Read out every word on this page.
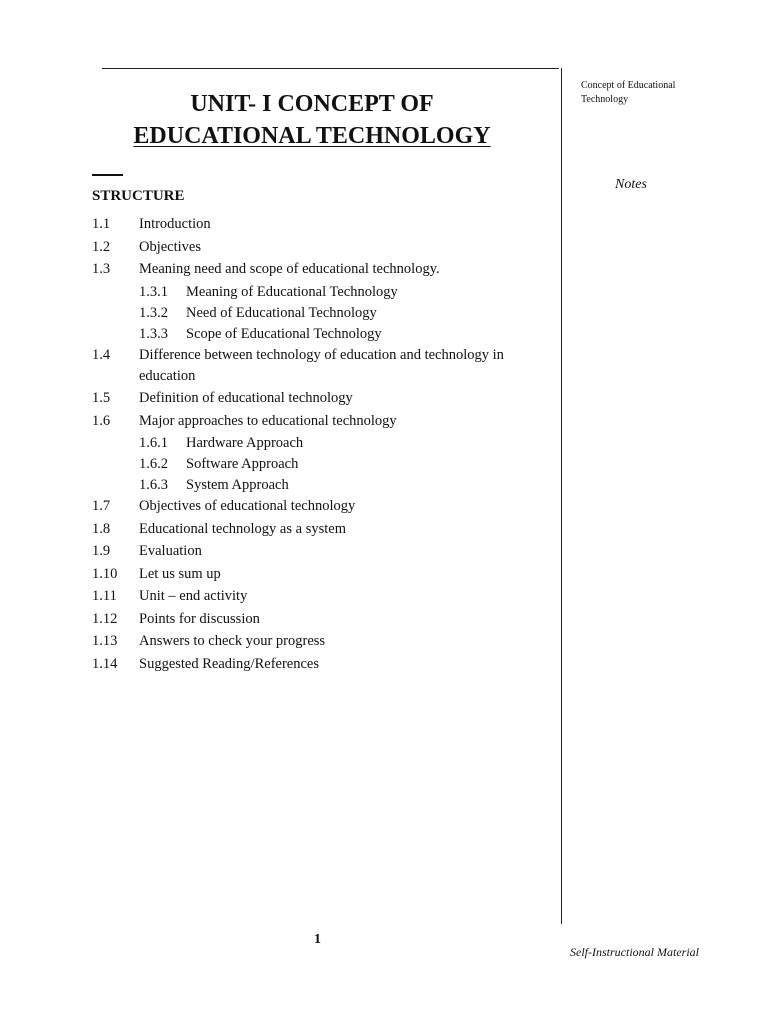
Concept of Educational Technology
Notes
UNIT- I CONCEPT OF
EDUCATIONAL TECHNOLOGY
STRUCTURE
1.1	Introduction
1.2	Objectives
1.3	Meaning need and scope of educational technology.
1.3.1	Meaning of Educational Technology
1.3.2	Need of Educational Technology
1.3.3	Scope of Educational Technology
1.4	Difference between technology of education and technology in education
1.5	Definition of educational technology
1.6	Major approaches to educational technology
1.6.1	Hardware Approach
1.6.2	Software Approach
1.6.3	System Approach
1.7	Objectives of educational technology
1.8	Educational technology as a system
1.9	Evaluation
1.10	Let us sum up
1.11	Unit – end activity
1.12	Points for discussion
1.13	Answers to check your progress
1.14	Suggested Reading/References
1
Self-Instructional Material
